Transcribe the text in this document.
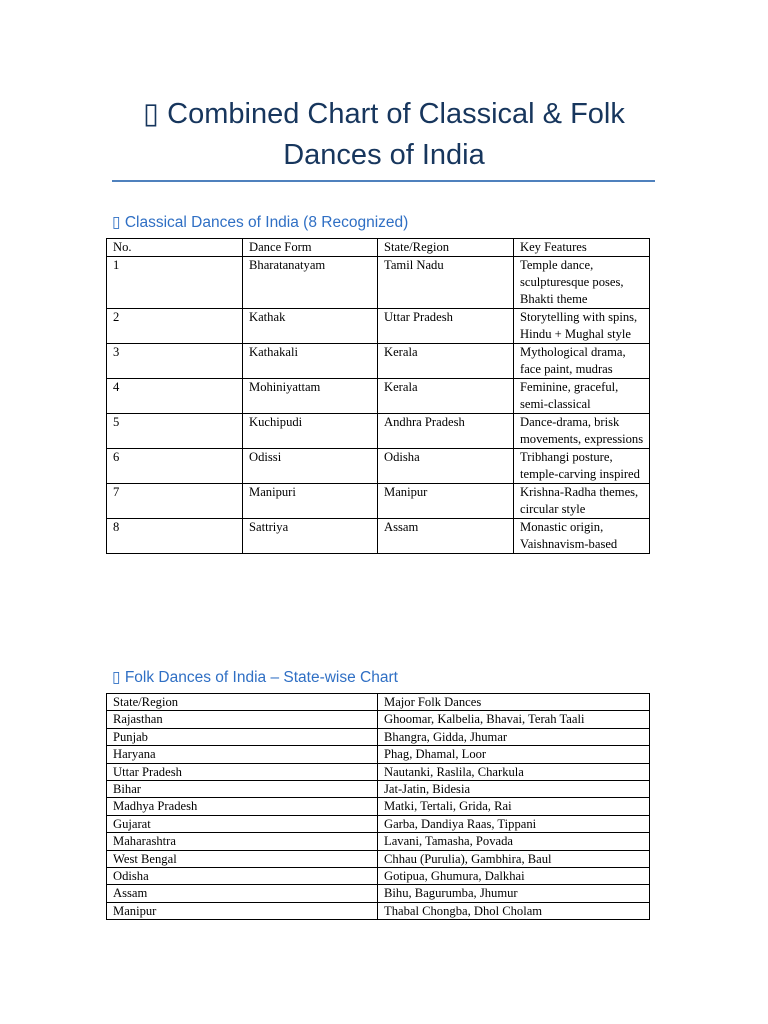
▯ Combined Chart of Classical & Folk Dances of India
▯ Classical Dances of India (8 Recognized)
No.	Dance Form	State/Region	Key Features
1	Bharatanatyam	Tamil Nadu	Temple dance, sculpturesque poses, Bhakti theme
2	Kathak	Uttar Pradesh	Storytelling with spins, Hindu + Mughal style
3	Kathakali	Kerala	Mythological drama, face paint, mudras
4	Mohiniyattam	Kerala	Feminine, graceful, semi-classical
5	Kuchipudi	Andhra Pradesh	Dance-drama, brisk movements, expressions
6	Odissi	Odisha	Tribhangi posture, temple-carving inspired
7	Manipuri	Manipur	Krishna-Radha themes, circular style
8	Sattriya	Assam	Monastic origin, Vaishnavism-based
▯ Folk Dances of India – State-wise Chart
State/Region	Major Folk Dances
Rajasthan	Ghoomar, Kalbelia, Bhavai, Terah Taali
Punjab	Bhangra, Gidda, Jhumar
Haryana	Phag, Dhamal, Loor
Uttar Pradesh	Nautanki, Raslila, Charkula
Bihar	Jat-Jatin, Bidesia
Madhya Pradesh	Matki, Tertali, Grida, Rai
Gujarat	Garba, Dandiya Raas, Tippani
Maharashtra	Lavani, Tamasha, Povada
West Bengal	Chhau (Purulia), Gambhira, Baul
Odisha	Gotipua, Ghumura, Dalkhai
Assam	Bihu, Bagurumba, Jhumur
Manipur	Thabal Chongba, Dhol Cholam
